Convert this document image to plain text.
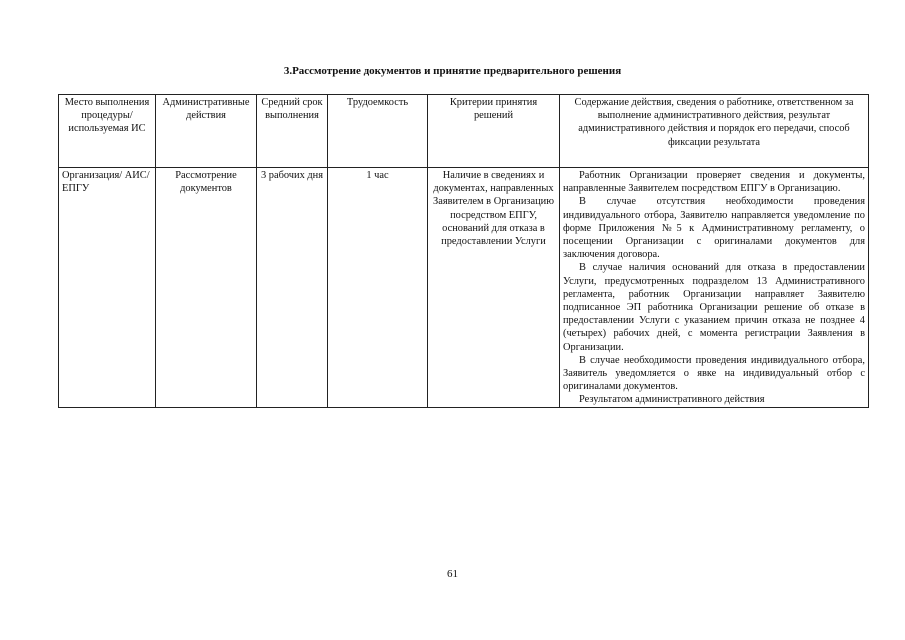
3.Рассмотрение документов и принятие предварительного решения
Место выполнения процедуры/ используемая ИС	Административные действия	Средний срок выполнения	Трудоемкость	Критерии принятия решений	Содержание действия, сведения о работнике, ответственном за выполнение административного действия, результат административного действия и порядок его передачи, способ фиксации результата
Организация/ АИС/ЕПГУ	Рассмотрение документов	3 рабочих дня	1 час	Наличие в сведениях и документах, направленных Заявителем в Организацию посредством ЕПГУ, оснований для отказа в предоставлении Услуги	Работник Организации проверяет сведения и документы, направленные Заявителем посредством ЕПГУ в Организацию.

В случае отсутствия необходимости проведения индивидуального отбора, Заявителю направляется уведомление по форме Приложения №5 к Административному регламенту, о посещении Организации с оригиналами документов для заключения договора.

В случае наличия оснований для отказа в предоставлении Услуги, предусмотренных подразделом 13 Административного регламента, работник Организации направляет Заявителю подписанное ЭП работника Организации решение об отказе в предоставлении Услуги с указанием причин отказа не позднее 4 (четырех) рабочих дней, с момента регистрации Заявления в Организации.

В случае необходимости проведения индивидуального отбора, Заявитель уведомляется о явке на индивидуальный отбор с оригиналами документов.

Результатом административного действия

61
